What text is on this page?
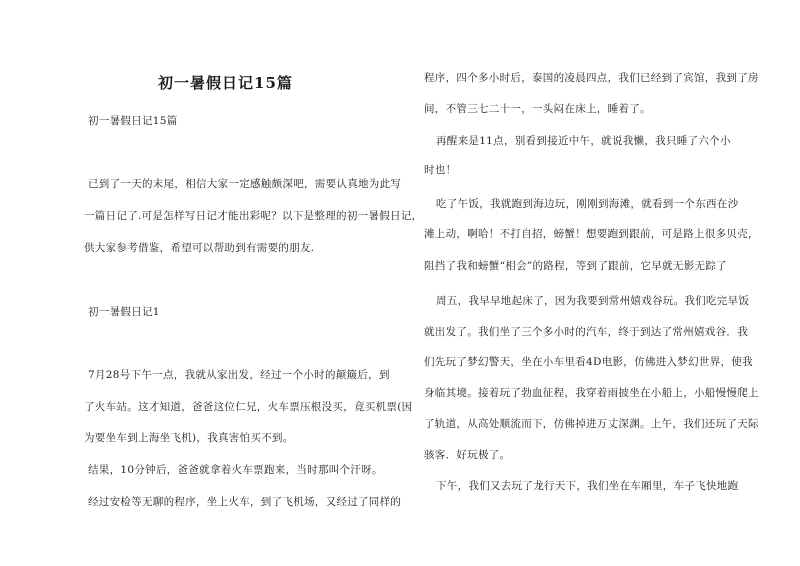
初一暑假日记15篇
初一暑假日记15篇
已到了一天的末尾，相信大家一定感触颇深吧，需要认真地为此写
一篇日记了.可是怎样写日记才能出彩呢？以下是整理的初一暑假日记，
供大家参考借鉴，希望可以帮助到有需要的朋友.
初一暑假日记1
7月28号下午一点，我就从家出发，经过一个小时的颠簸后，到
了火车站。这才知道，爸爸这位仁兄，火车票压根没买，竟买机票(因
为要坐车到上海坐飞机)，我真害怕买不到。
结果，10分钟后，爸爸就拿着火车票跑来，当时那叫个汗呀。
经过安检等无聊的程序，坐上火车，到了飞机场，又经过了同样的
程序，四个多小时后，泰国的凌晨四点，我们已经到了宾馆，我到了房
间，不管三七二十一，一头闷在床上，睡着了。
再醒来是11点，别看到接近中午，就说我懒，我只睡了六个小
时也！
吃了午饭，我就跑到海边玩，刚刚到海滩，就看到一个东西在沙
滩上动，啊哈！不打自招，螃蟹！想要跑到跟前，可是路上很多贝壳，
阻挡了我和螃蟹“相会”的路程，等到了跟前，它早就无影无踪了
周五，我早早地起床了，因为我要到常州嬉戏谷玩。我们吃完早饭
就出发了。我们坐了三个多小时的汽车，终于到达了常州嬉戏谷．我
们先玩了梦幻警天，坐在小车里看4D电影，仿佛进入梦幻世界，使我
身临其境。接着玩了勃血征程，我穿着雨披坐在小船上，小船慢慢爬上
了轨道，从高处顺流而下，仿佛掉进万丈深渊。上午，我们还玩了天际
骇客．好玩极了。
下午，我们又去玩了龙行天下，我们坐在车厢里，车子飞快地跑
